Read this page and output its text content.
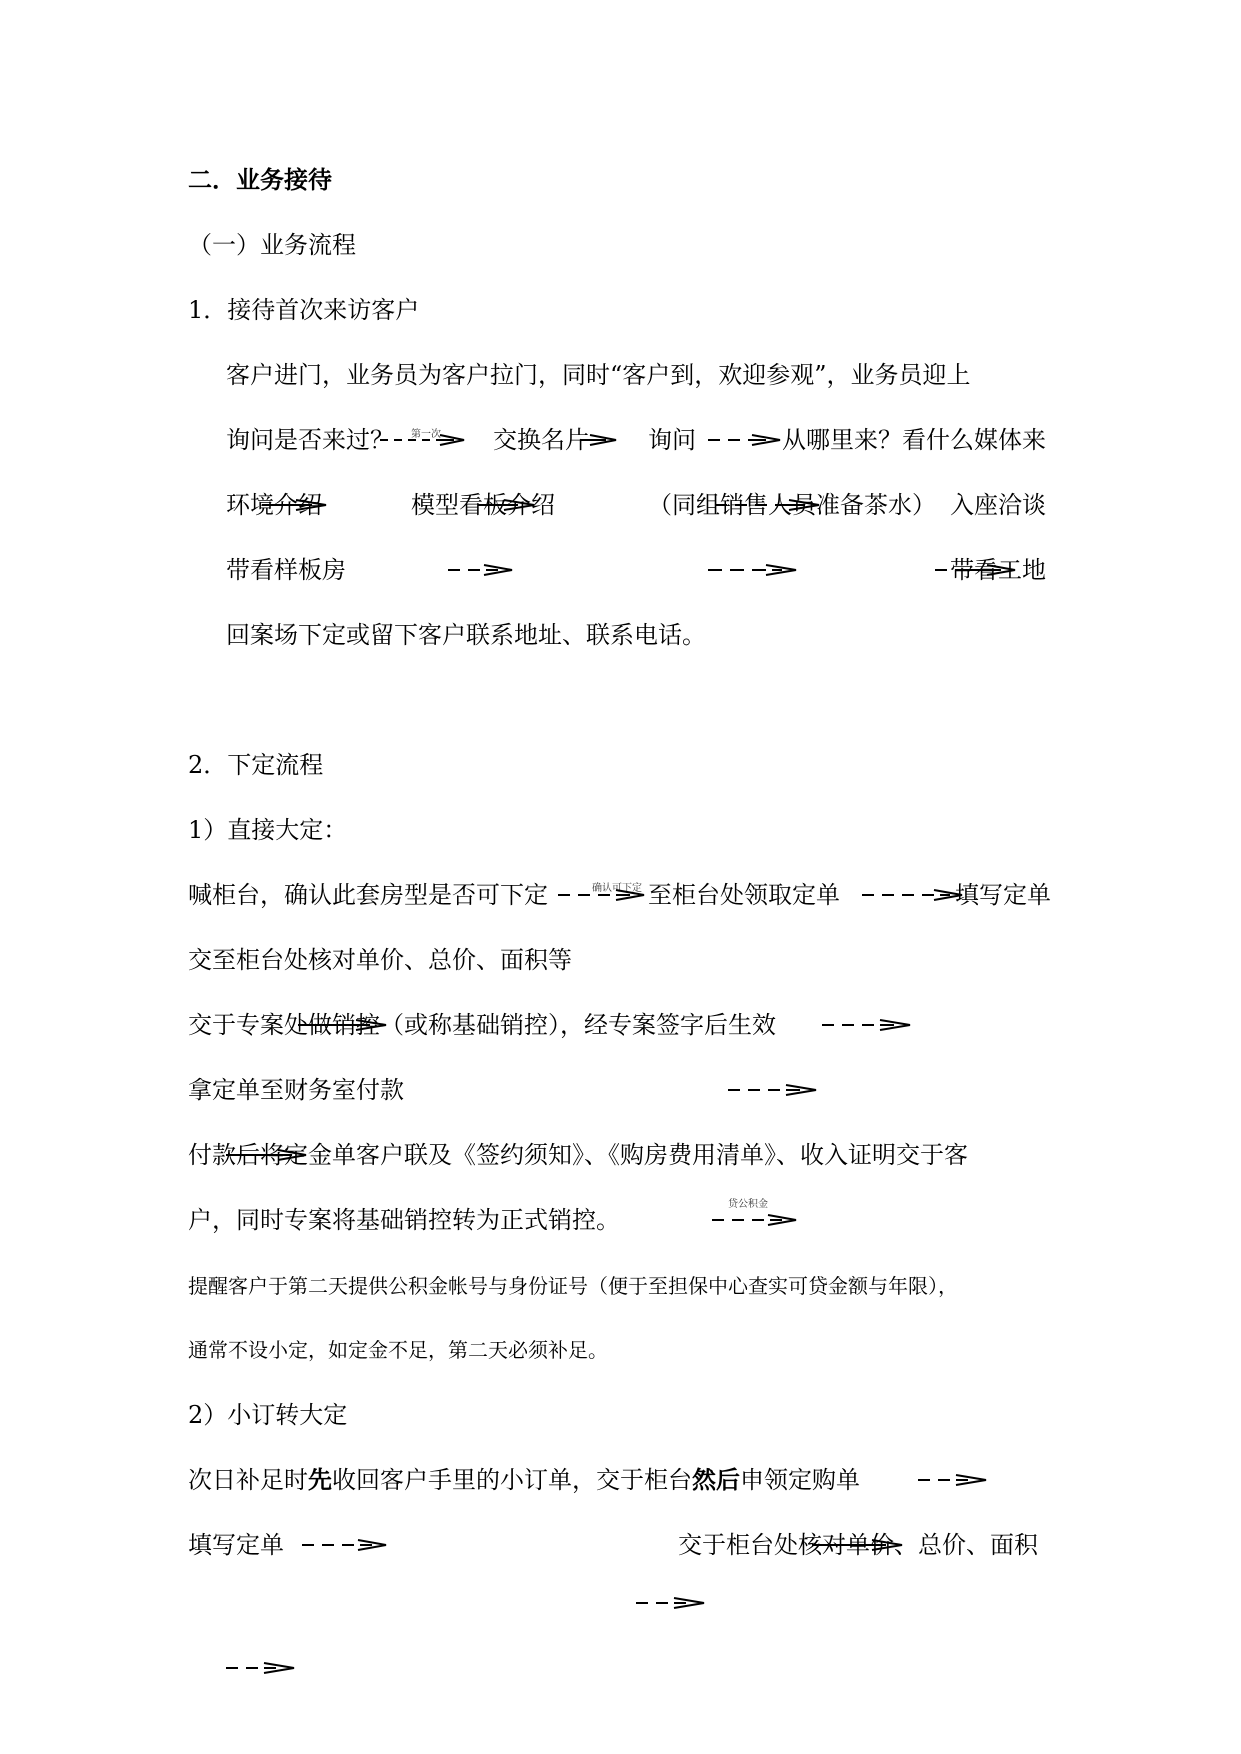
二．业务接待
（一）业务流程
1．接待首次来访客户
客户进门，业务员为客户拉门，同时“客户到，欢迎参观”，业务员迎上
询问是否来过？ 第一次 交换名片 询问	从哪里来？看什么媒体来
环境介绍	模型看板介绍	（同组销售人员准备茶水） 入座洽谈
带看样板房	带看工地
回案场下定或留下客户联系地址、联系电话。
2．下定流程
1）直接大定：
喊柜台，确认此套房型是否可下定	确认可下定 至柜台处领取定单	填写定单
交至柜台处核对单价、总价、面积等
交于专案处做销控（或称基础销控），经专案签字后生效
拿定单至财务室付款
付款后将定金单客户联及《签约须知》、《购房费用清单》、收入证明交于客
户，同时专案将基础销控转为正式销控。
贷公积金
提醒客户于第二天提供公积金帐号与身份证号（便于至担保中心查实可贷金额与年限），
通常不设小定，如定金不足，第二天必须补足。
2）小订转大定
次日补足时先收回客户手里的小订单，交于柜台然后申领定购单
填写定单	交于柜台处核对单价、总价、面积
